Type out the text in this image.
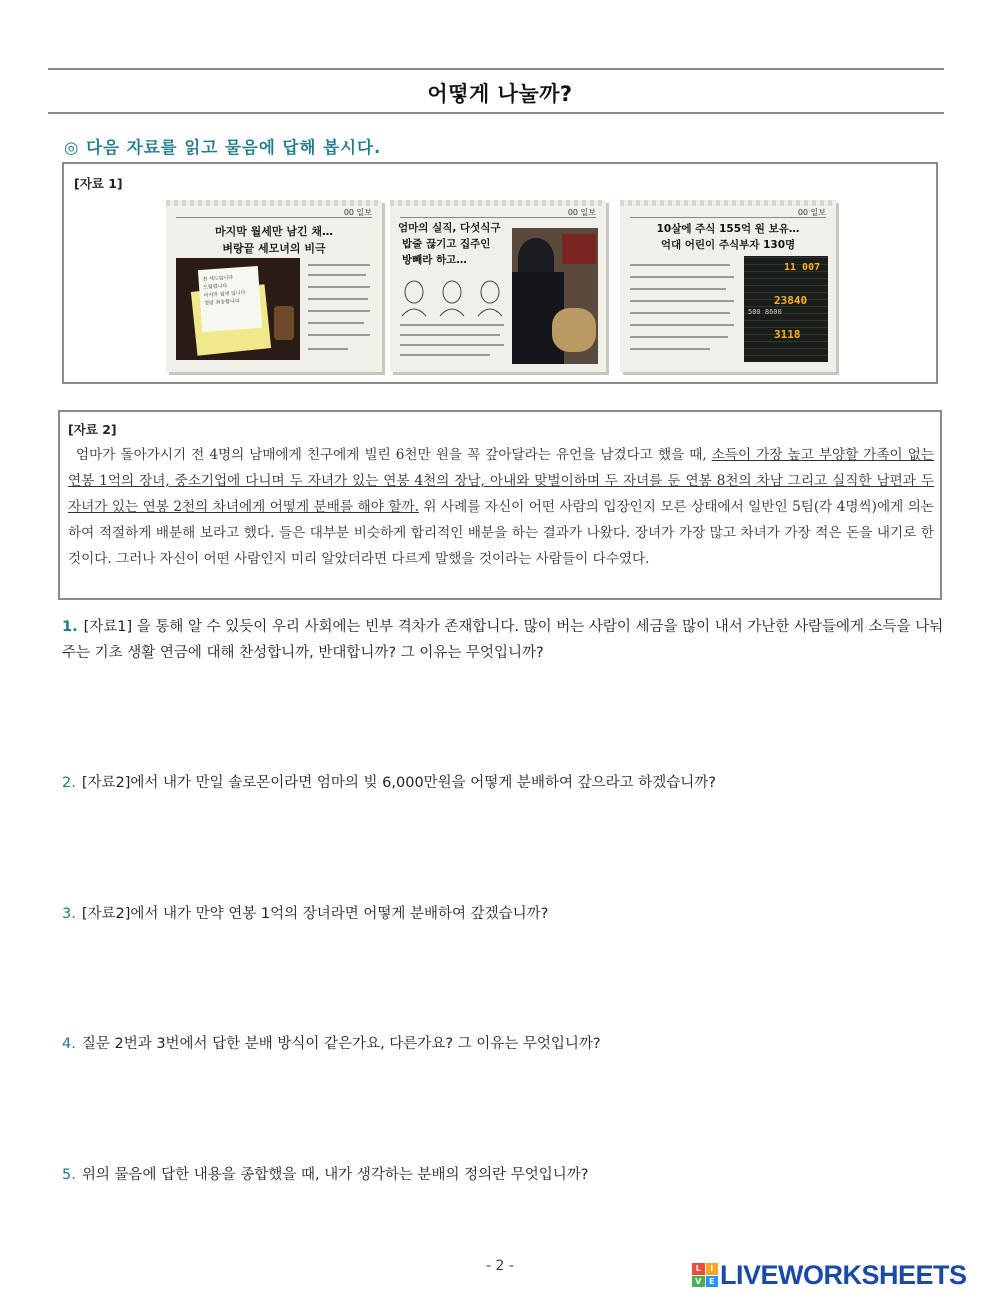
어떻게 나눌까?
◎ 다음 자료를 읽고 물음에 답해 봅시다.
[자료 1]
00 일보
마지막 월세만 남긴 채…
벼랑끝 세모녀의 비극
전 세드립니다
드릴렸니다
마지막 월세 입니다
정말 죄송합니다
00 일보
엄마의 실직, 다섯식구
밥줄 끊기고 집주인
방빼라 하고…
00 일보
10살에 주식 155억 원 보유…
억대 어린이 주식부자 130명
11 007
23840
3118
500 8600
[자료 2]
엄마가 돌아가시기 전 4명의 남매에게 친구에게 빌린 6천만 원을 꼭 갚아달라는 유언을 남겼다고 했을 때, 소득이 가장 높고 부양할 가족이 없는 연봉 1억의 장녀, 중소기업에 다니며 두 자녀가 있는 연봉 4천의 장남, 아내와 맞벌이하며 두 자녀를 둔 연봉 8천의 차남 그리고 실직한 남편과 두 자녀가 있는 연봉 2천의 차녀에게 어떻게 분배를 해야 할까. 위 사례를 자신이 어떤 사람의 입장인지 모른 상태에서 일반인 5팀(각 4명씩)에게 의논하여 적절하게 배분해 보라고 했다. 들은 대부분 비슷하게 합리적인 배분을 하는 결과가 나왔다. 장녀가 가장 많고 차녀가 가장 적은 돈을 내기로 한 것이다. 그러나 자신이 어떤 사람인지 미리 알았더라면 다르게 말했을 것이라는 사람들이 다수였다.
1. [자료1] 을 통해 알 수 있듯이 우리 사회에는 빈부 격차가 존재합니다. 많이 버는 사람이 세금을 많이 내서 가난한 사람들에게 소득을 나눠 주는 기초 생활 연금에 대해 찬성합니까, 반대합니까? 그 이유는 무엇입니까?
2. [자료2]에서 내가 만일 솔로몬이라면 엄마의 빚 6,000만원을 어떻게 분배하여 갚으라고 하겠습니까?
3. [자료2]에서 내가 만약 연봉 1억의 장녀라면 어떻게 분배하여 갚겠습니까?
4. 질문 2번과 3번에서 답한 분배 방식이 같은가요, 다른가요? 그 이유는 무엇입니까?
5. 위의 물음에 답한 내용을 종합했을 때, 내가 생각하는 분배의 정의란 무엇입니까?
- 2 -	L	I
V E LIVEWORKSHEETS
